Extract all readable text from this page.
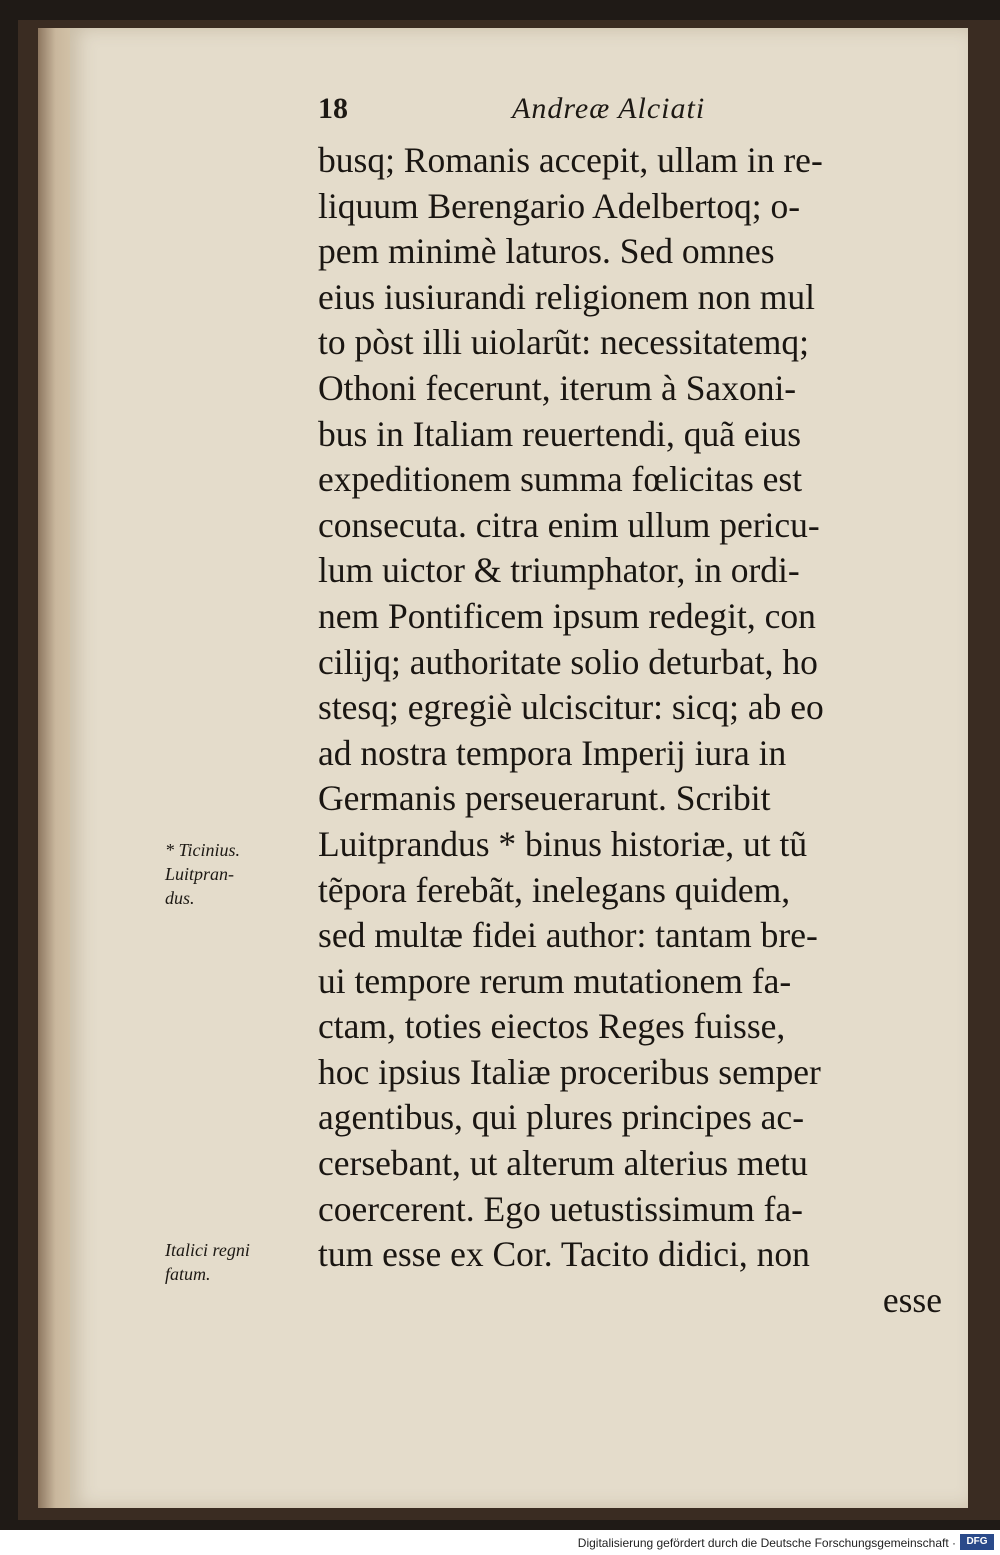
18	Andreæ Alciati
busq; Romanis accepit, ullam in re-
liquum Berengario Adelbertoq; o-
pem minimè laturos. Sed omnes
eius iusiurandi religionem non mul
to pòst illi uiolarũt: necessitatemq;
Othoni fecerunt, iterum à Saxoni-
bus in Italiam reuertendi, quã eius
expeditionem summa fœlicitas est
consecuta. citra enim ullum pericu-
lum uictor & triumphator, in ordi-
nem Pontificem ipsum redegit, con
cilijq; authoritate solio deturbat, ho
stesq; egregiè ulciscitur: sicq; ab eo
ad nostra tempora Imperij iura in
Germanis perseuerarunt. Scribit
Luitprandus * binus historiæ, ut tũ
tẽpora ferebãt, inelegans quidem,
sed multæ fidei author: tantam bre-
ui tempore rerum mutationem fa-
ctam, toties eiectos Reges fuisse,
hoc ipsius Italiæ proceribus semper
agentibus, qui plures principes ac-
cersebant, ut alterum alterius metu
coercerent. Ego uetustissimum fa-
tum esse ex Cor. Tacito didici, non
esse
* Ticinius.
Luitpran-
dus.
Italici regni
fatum.
Digitalisierung gefördert durch die Deutsche Forschungsgemeinschaft ·	DFG
